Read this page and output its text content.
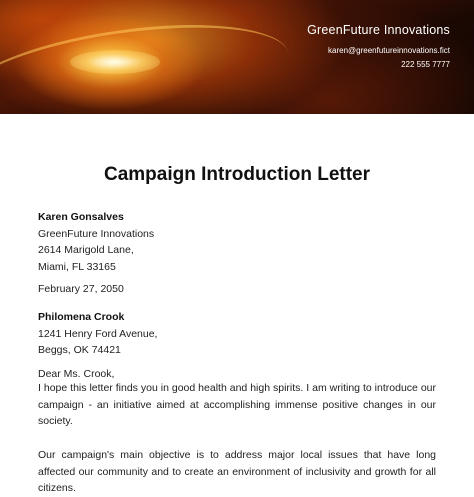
GreenFuture Innovations
karen@greenfutureinnovations.fict
222 555 7777
Campaign Introduction Letter
Karen Gonsalves
GreenFuture Innovations
2614 Marigold Lane,
Miami, FL 33165
February 27, 2050
Philomena Crook
1241 Henry Ford Avenue,
Beggs, OK 74421
Dear Ms. Crook,
I hope this letter finds you in good health and high spirits. I am writing to introduce our campaign - an initiative aimed at accomplishing immense positive changes in our society.
Our campaign's main objective is to address major local issues that have long affected our community and to create an environment of inclusivity and growth for all citizens.
